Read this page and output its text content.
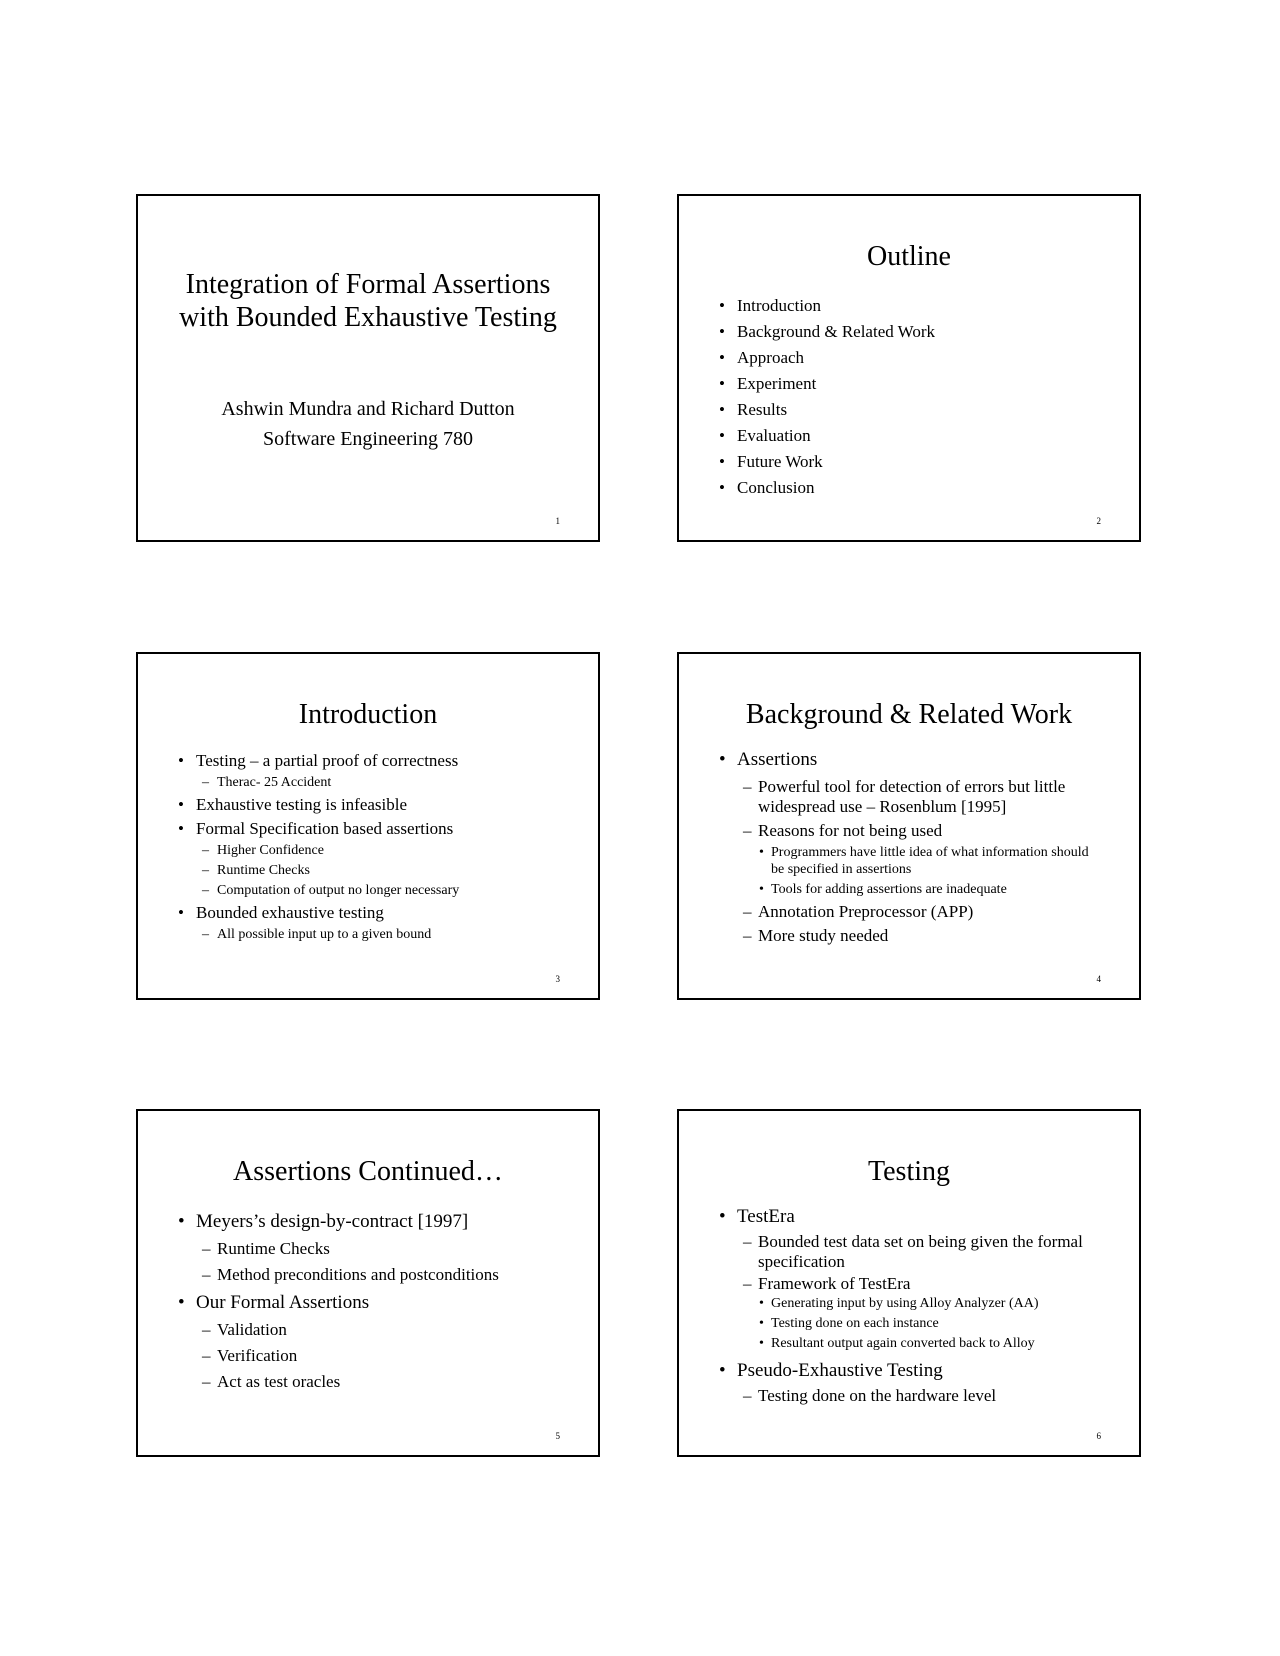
Integration of Formal Assertions with Bounded Exhaustive Testing
Ashwin Mundra and Richard Dutton
Software Engineering 780
1
Outline
• Introduction
• Background & Related Work
• Approach
• Experiment
• Results
• Evaluation
• Future Work
• Conclusion
2
Introduction
• Testing – a partial proof of correctness
– Therac- 25 Accident
• Exhaustive testing is infeasible
• Formal Specification based assertions
– Higher Confidence
– Runtime Checks
– Computation of output no longer necessary
• Bounded exhaustive testing
– All possible input up to a given bound
3
Background & Related Work
• Assertions
– Powerful tool for detection of errors but little widespread use – Rosenblum [1995]
– Reasons for not being used
• Programmers have little idea of what information should be specified in assertions
• Tools for adding assertions are inadequate
– Annotation Preprocessor (APP)
– More study needed
4
Assertions Continued…
• Meyers’s design-by-contract [1997]
– Runtime Checks
– Method preconditions and postconditions
• Our Formal Assertions
– Validation
– Verification
– Act as test oracles
5
Testing
• TestEra
– Bounded test data set on being given the formal specification
– Framework of TestEra
• Generating input by using Alloy Analyzer (AA)
• Testing done on each instance
• Resultant output again converted back to Alloy
• Pseudo-Exhaustive Testing
– Testing done on the hardware level
6
